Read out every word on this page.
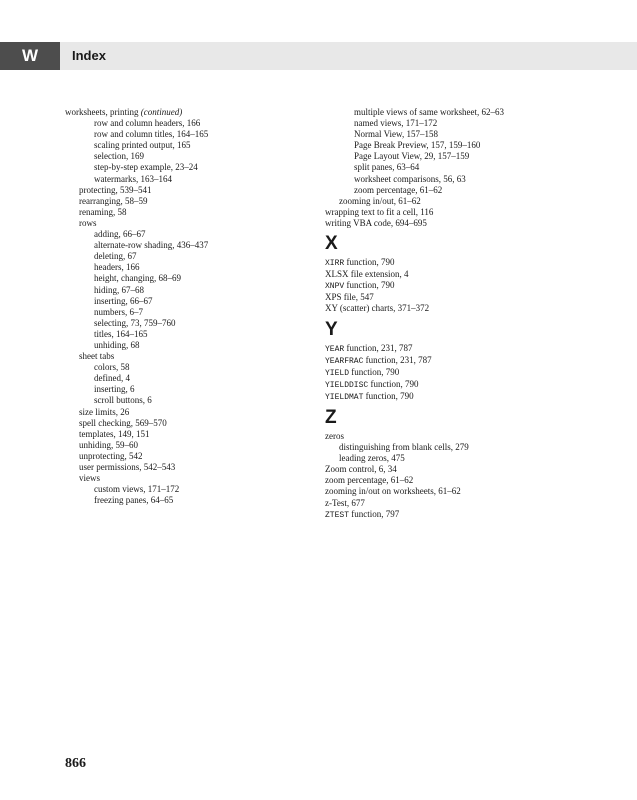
W	Index
worksheets, printing (continued)
row and column headers, 166
row and column titles, 164–165
scaling printed output, 165
selection, 169
step-by-step example, 23–24
watermarks, 163–164
protecting, 539–541
rearranging, 58–59
renaming, 58
rows
adding, 66–67
alternate-row shading, 436–437
deleting, 67
headers, 166
height, changing, 68–69
hiding, 67–68
inserting, 66–67
numbers, 6–7
selecting, 73, 759–760
titles, 164–165
unhiding, 68
sheet tabs
colors, 58
defined, 4
inserting, 6
scroll buttons, 6
size limits, 26
spell checking, 569–570
templates, 149, 151
unhiding, 59–60
unprotecting, 542
user permissions, 542–543
views
custom views, 171–172
freezing panes, 64–65
multiple views of same worksheet, 62–63
named views, 171–172
Normal View, 157–158
Page Break Preview, 157, 159–160
Page Layout View, 29, 157–159
split panes, 63–64
worksheet comparisons, 56, 63
zoom percentage, 61–62
zooming in/out, 61–62
wrapping text to fit a cell, 116
writing VBA code, 694–695
X
XIRR function, 790
XLSX file extension, 4
XNPV function, 790
XPS file, 547
XY (scatter) charts, 371–372
Y
YEAR function, 231, 787
YEARFRAC function, 231, 787
YIELD function, 790
YIELDDISC function, 790
YIELDMAT function, 790
Z
zeros
distinguishing from blank cells, 279
leading zeros, 475
Zoom control, 6, 34
zoom percentage, 61–62
zooming in/out on worksheets, 61–62
z-Test, 677
ZTEST function, 797
866
